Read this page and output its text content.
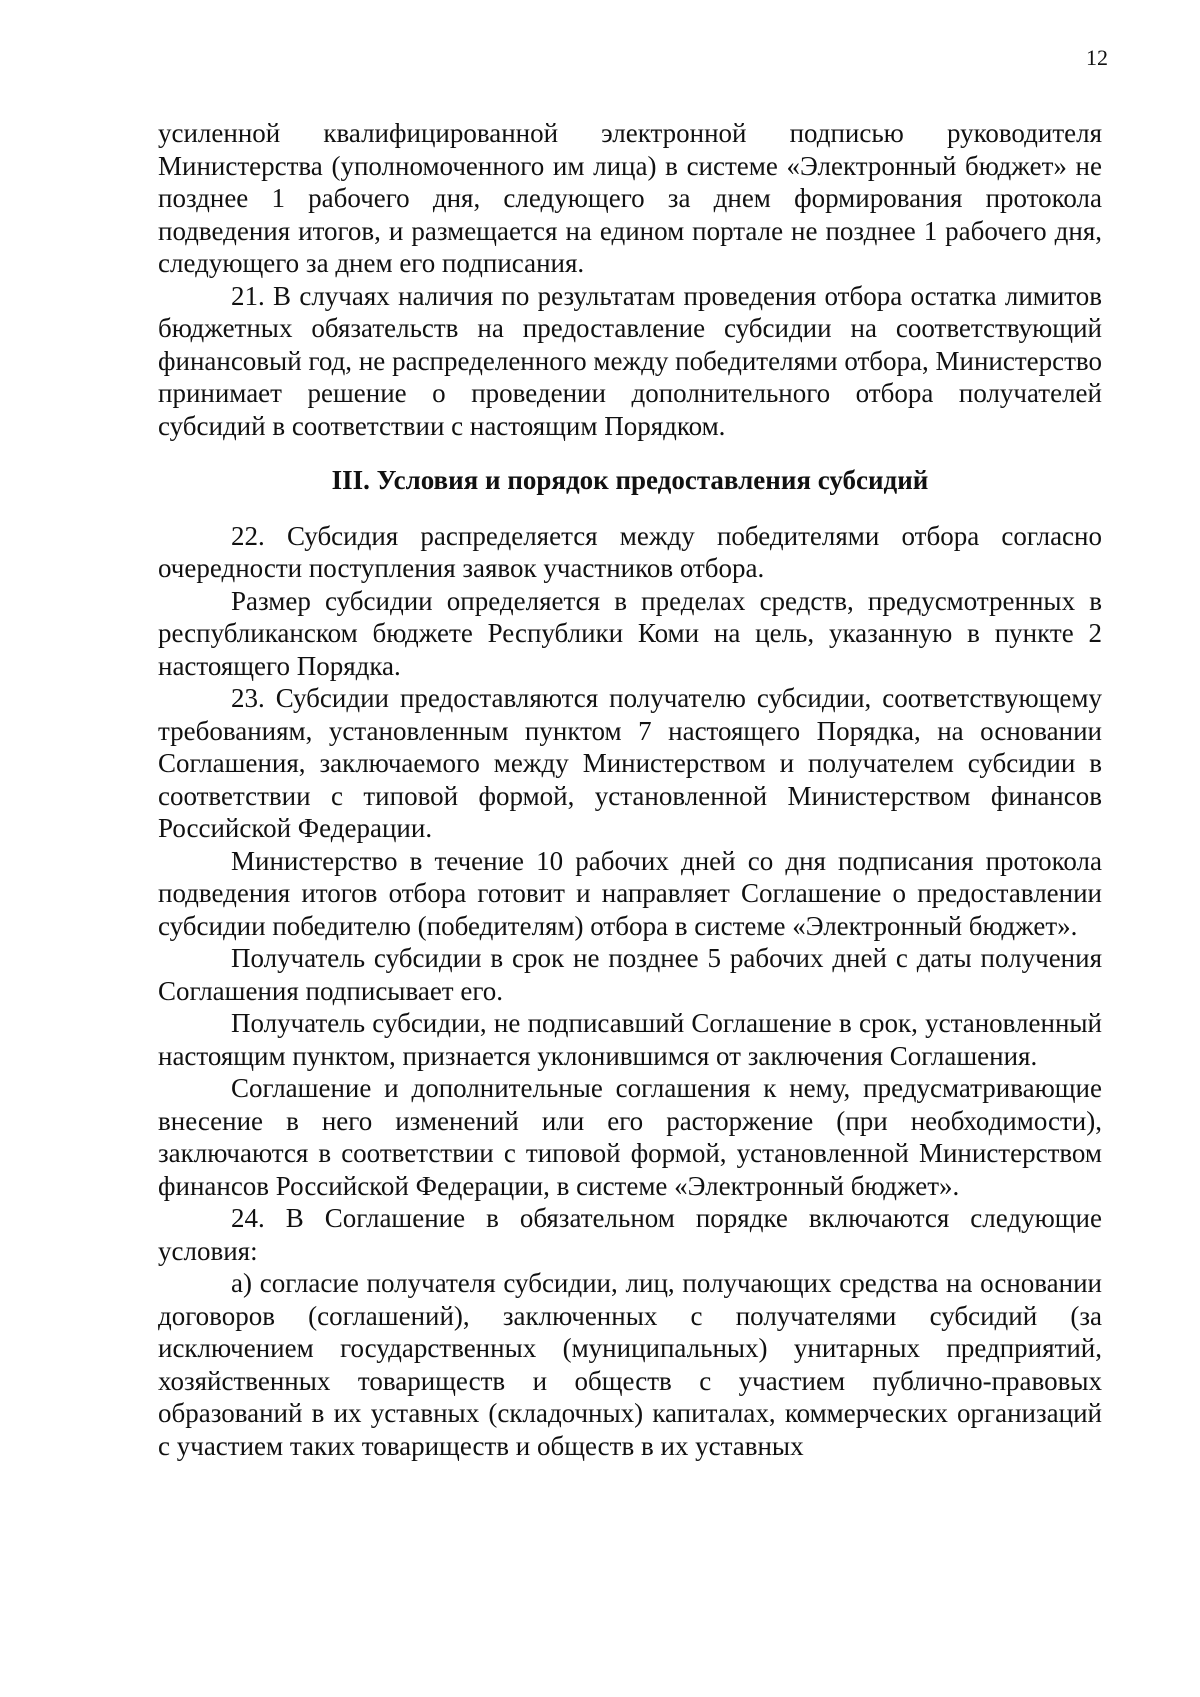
12

усиленной квалифицированной электронной подписью руководителя Министерства (уполномоченного им лица) в системе «Электронный бюджет» не позднее 1 рабочего дня, следующего за днем формирования протокола подведения итогов, и размещается на едином портале не позднее 1 рабочего дня, следующего за днем его подписания.

21. В случаях наличия по результатам проведения отбора остатка лимитов бюджетных обязательств на предоставление субсидии на соответствующий финансовый год, не распределенного между победителями отбора, Министерство принимает решение о проведении дополнительного отбора получателей субсидий в соответствии с настоящим Порядком.

III. Условия и порядок предоставления субсидий

22. Субсидия распределяется между победителями отбора согласно очередности поступления заявок участников отбора.

Размер субсидии определяется в пределах средств, предусмотренных в республиканском бюджете Республики Коми на цель, указанную в пункте 2 настоящего Порядка.

23. Субсидии предоставляются получателю субсидии, соответствующему требованиям, установленным пунктом 7 настоящего Порядка, на основании Соглашения, заключаемого между Министерством и получателем субсидии в соответствии с типовой формой, установленной Министерством финансов Российской Федерации.

Министерство в течение 10 рабочих дней со дня подписания протокола подведения итогов отбора готовит и направляет Соглашение о предоставлении субсидии победителю (победителям) отбора в системе «Электронный бюджет».

Получатель субсидии в срок не позднее 5 рабочих дней с даты получения Соглашения подписывает его.

Получатель субсидии, не подписавший Соглашение в срок, установленный настоящим пунктом, признается уклонившимся от заключения Соглашения.

Соглашение и дополнительные соглашения к нему, предусматривающие внесение в него изменений или его расторжение (при необходимости), заключаются в соответствии с типовой формой, установленной Министерством финансов Российской Федерации, в системе «Электронный бюджет».

24. В Соглашение в обязательном порядке включаются следующие условия:

а) согласие получателя субсидии, лиц, получающих средства на основании договоров (соглашений), заключенных с получателями субсидий (за исключением государственных (муниципальных) унитарных предприятий, хозяйственных товариществ и обществ с участием публично-правовых образований в их уставных (складочных) капиталах, коммерческих организаций с участием таких товариществ и обществ в их уставных
